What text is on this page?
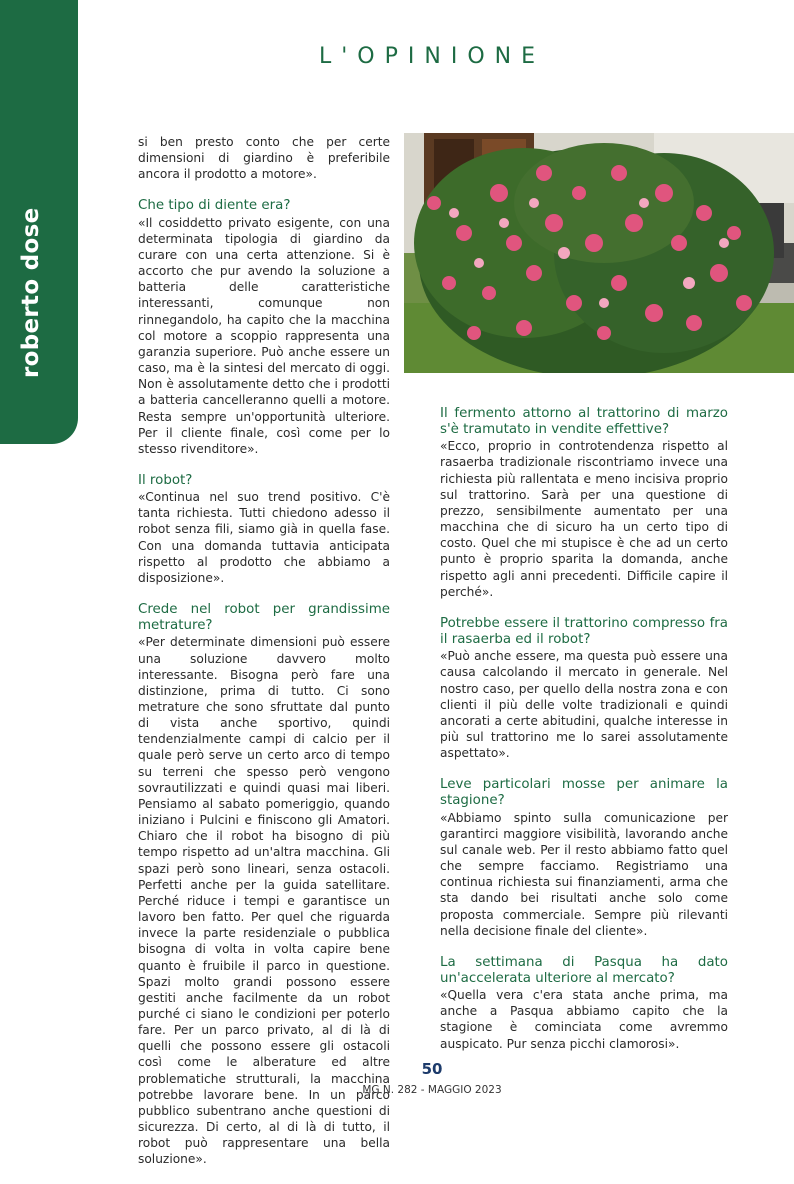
roberto dose
L'OPINIONE

si ben presto conto che per certe dimensioni di giardino è preferibile ancora il prodotto a motore».

Che tipo di diente era?

«Il cosiddetto privato esigente, con una determinata tipologia di giardino da curare con una certa attenzione. Si è accorto che pur avendo la soluzione a batteria delle caratteristiche interessanti, comunque non rinnegandolo, ha capito che la macchina col motore a scoppio rappresenta una garanzia superiore. Può anche essere un caso, ma è la sintesi del mercato di oggi. Non è assolutamente detto che i prodotti a batteria cancelleranno quelli a motore. Resta sempre un'opportunità ulteriore. Per il cliente finale, così come per lo stesso rivenditore».

Il robot?

«Continua nel suo trend positivo. C'è tanta richiesta. Tutti chiedono adesso il robot senza fili, siamo già in quella fase. Con una domanda tuttavia anticipata rispetto al prodotto che abbiamo a disposizione».

Crede nel robot per grandissime metrature?

«Per determinate dimensioni può essere una soluzione davvero molto interessante. Bisogna però fare una distinzione, prima di tutto. Ci sono metrature che sono sfruttate dal punto di vista anche sportivo, quindi tendenzialmente campi di calcio per il quale però serve un certo arco di tempo su terreni che spesso però vengono sovrautilizzati e quindi quasi mai liberi. Pensiamo al sabato pomeriggio, quando iniziano i Pulcini e finiscono gli Amatori. Chiaro che il robot ha bisogno di più tempo rispetto ad un'altra macchina. Gli spazi però sono lineari, senza ostacoli. Perfetti anche per la guida satellitare. Perché riduce i tempi e garantisce un lavoro ben fatto. Per quel che riguarda invece la parte residenziale o pubblica bisogna di volta in volta capire bene quanto è fruibile il parco in questione. Spazi molto grandi possono essere gestiti anche facilmente da un robot purché ci siano le condizioni per poterlo fare. Per un parco privato, al di là di quelli che possono essere gli ostacoli così come le alberature ed altre problematiche strutturali, la macchina potrebbe lavorare bene. In un parco pubblico subentrano anche questioni di sicurezza. Di certo, al di là di tutto, il robot può rappresentare una bella soluzione».

Il fermento attorno al trattorino di marzo s'è tramutato in vendite effettive?

«Ecco, proprio in controtendenza rispetto al rasaerba tradizionale riscontriamo invece una richiesta più rallentata e meno incisiva proprio sul trattorino. Sarà per una questione di prezzo, sensibilmente aumentato per una macchina che di sicuro ha un certo tipo di costo. Quel che mi stupisce è che ad un certo punto è proprio sparita la domanda, anche rispetto agli anni precedenti. Difficile capire il perché».

Potrebbe essere il trattorino compresso fra il rasaerba ed il robot?

«Può anche essere, ma questa può essere una causa calcolando il mercato in generale. Nel nostro caso, per quello della nostra zona e con clienti il più delle volte tradizionali e quindi ancorati a certe abitudini, qualche interesse in più sul trattorino me lo sarei assolutamente aspettato».

Leve particolari mosse per animare la stagione?

«Abbiamo spinto sulla comunicazione per garantirci maggiore visibilità, lavorando anche sul canale web. Per il resto abbiamo fatto quel che sempre facciamo. Registriamo una continua richiesta sui finanziamenti, arma che sta dando bei risultati anche solo come proposta commerciale. Sempre più rilevanti nella decisione finale del cliente».

La settimana di Pasqua ha dato un'accelerata ulteriore al mercato?

«Quella vera c'era stata anche prima, ma anche a Pasqua abbiamo capito che la stagione è cominciata come avremmo auspicato. Pur senza picchi clamorosi».

50
MG N. 282 - MAGGIO 2023
